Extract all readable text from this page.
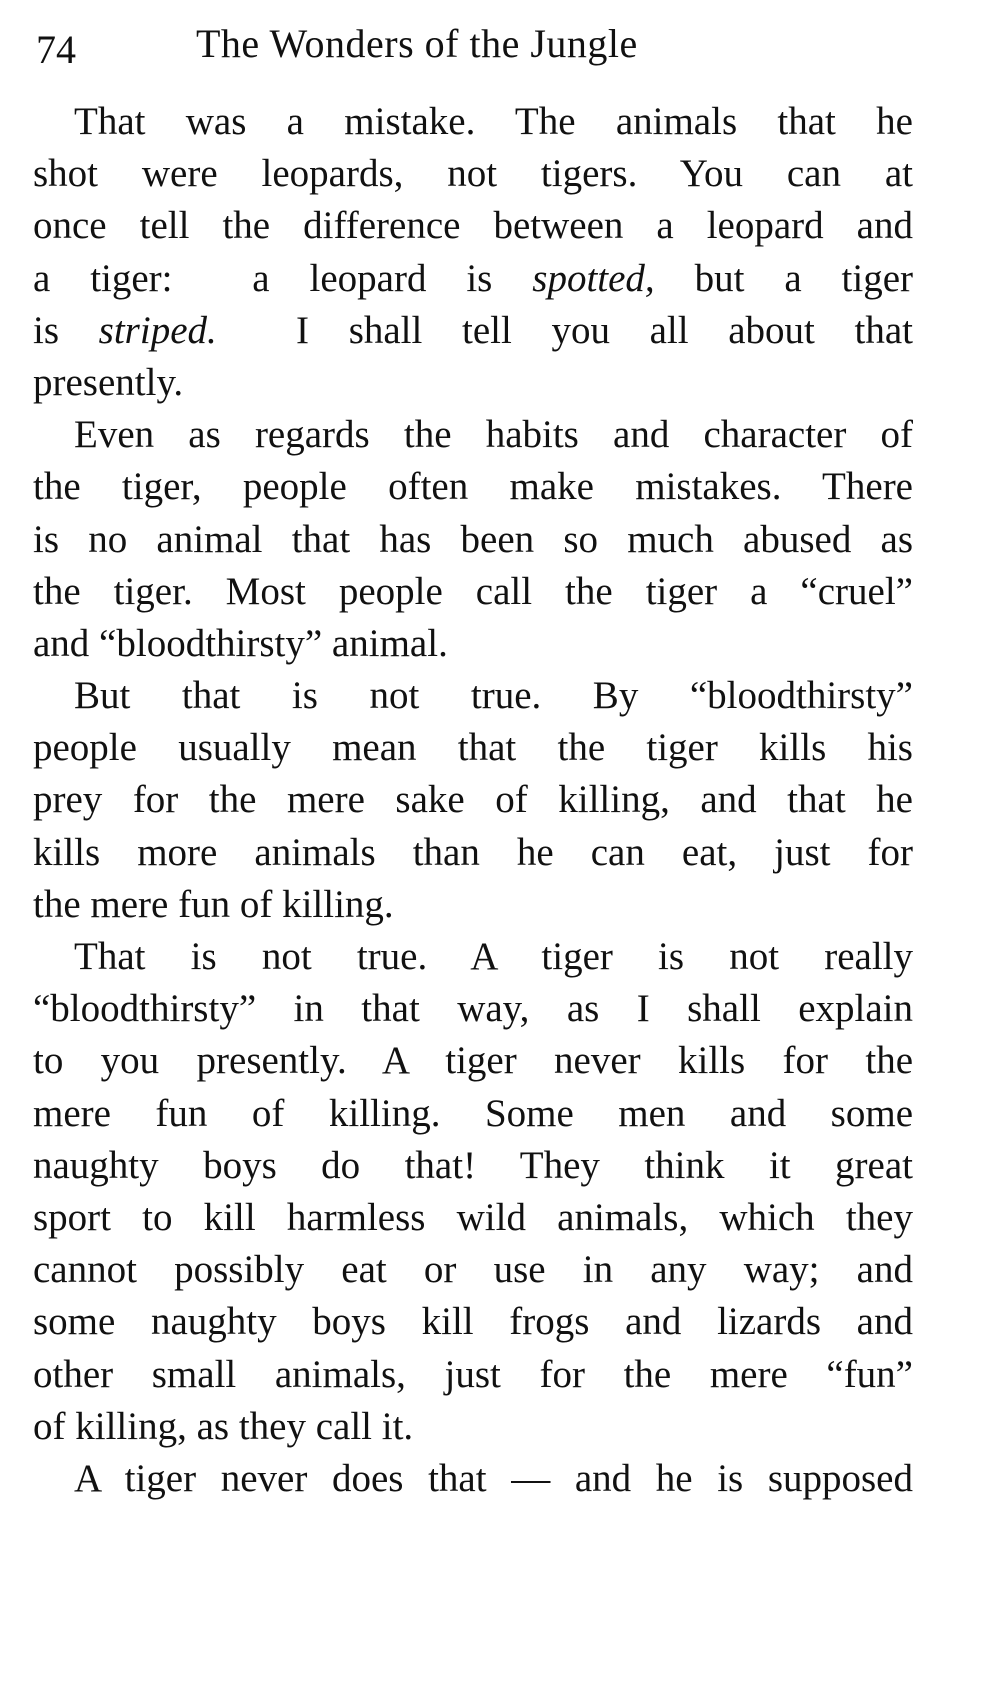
74	The Wonders of the Jungle
That was a mistake. The animals that he
shot were leopards, not tigers. You can at
once tell the difference between a leopard and
a tiger:  a leopard is spotted, but a tiger
is striped.  I shall tell you all about that
presently.
Even as regards the habits and character of
the tiger, people often make mistakes. There
is no animal that has been so much abused as
the tiger. Most people call the tiger a “cruel”
and “bloodthirsty” animal.
But that is not true. By “bloodthirsty”
people usually mean that the tiger kills his
prey for the mere sake of killing, and that he
kills more animals than he can eat, just for
the mere fun of killing.
That is not true. A tiger is not really
“bloodthirsty” in that way, as I shall explain
to you presently. A tiger never kills for the
mere fun of killing. Some men and some
naughty boys do that! They think it great
sport to kill harmless wild animals, which they
cannot possibly eat or use in any way; and
some naughty boys kill frogs and lizards and
other small animals, just for the mere “fun”
of killing, as they call it.
A tiger never does that — and he is supposed
